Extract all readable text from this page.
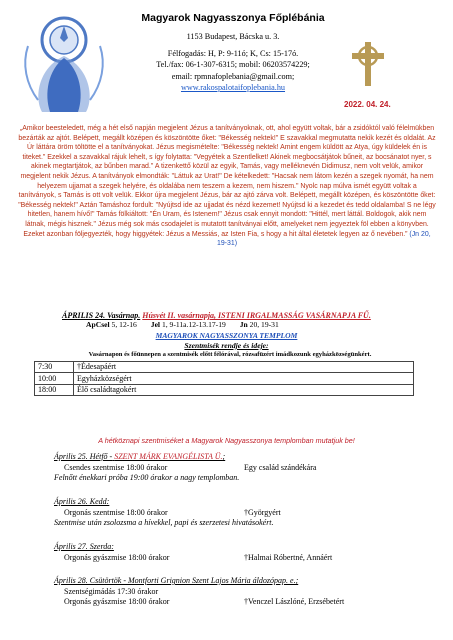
Magyarok Nagyasszonya Főplébánia
1153 Budapest, Bácska u. 3.
Félfogadás: H, P: 9-11ó; K, Cs: 15-17ó.
Tel./fax: 06-1-307-6315; mobil: 06203574229;
email: rpmnafoplebania@gmail.com;
www.rakospalotaifoplebania.hu
2022. 04. 24.
„Amikor beesteledett, még a hét első napján megjelent Jézus a tanítványoknak, ott, ahol együtt voltak, bár a zsidóktól való félelmükben bezárták az ajtót. Belépett, megállt középen és köszöntötte őket: "Békesség nektek!" E szavakkal megmutatta nekik kezét és oldalát. Az Úr láttára öröm töltötte el a tanítványokat. Jézus megismételte: "Békesség nektek! Amint engem küldött az Atya, úgy küldelek én is titeket." Ezekkel a szavakkal rájuk lehelt, s így folytatta: "Vegyétek a Szentlelket! Akinek megbocsátjátok bűneit, az bocsánatot nyer, s akinek megtartjátok, az bűnben marad." A tizenkettő közül az egyik, Tamás, vagy melléknevén Didimusz, nem volt velük, amikor megjelent nekik Jézus. A tanítványok elmondták: "Láttuk az Urat!" De kételkedett: "Hacsak nem látom kezén a szegek nyomát, ha nem helyezem ujjamat a szegek helyére, és oldalába nem teszem a kezem, nem hiszem." Nyolc nap múlva ismét együtt voltak a tanítványok, s Tamás is ott volt velük. Ekkor újra megjelent Jézus, bár az ajtó zárva volt. Belépett, megállt középen, és köszöntötte őket: "Békesség nektek!" Aztán Tamáshoz fordult: "Nyújtsd ide az ujjadat és nézd kezemet! Nyújtsd ki a kezedet és tedd oldalamba! S ne légy hitetlen, hanem hívő!" Tamás fölkiáltott: "Én Uram, és Istenem!" Jézus csak ennyit mondott: "Hittél, mert láttál. Boldogok, akik nem látnak, mégis hisznek." Jézus még sok más csodajelet is mutatott tanítványai előtt, amelyeket nem jegyeztek föl ebben a könyvben. Ezeket azonban följegyezték, hogy higgyétek: Jézus a Messiás, az Isten Fia, s hogy a hit által életetek legyen az ő nevében.” (Jn 20, 19-31)
ÁPRILIS 24. Vasárnap. Húsvét II. vasárnapja, ISTENI IRGALMASSÁG VASÁRNAPJA FŰ.
ApCsel 5, 12-16 Jel 1, 9-11a.12-13.17-19 Jn 20, 19-31
MAGYAROK NAGYASSZONYA TEMPLOM
Szentmisék rendje és ideje:
Vasárnapon és főünnepen a szentmisék előtt félórával, rózsafüzért imádkozunk egyházközségünkért.
7:30	†Édesapáért
10:00	Egyházközségért
18:00	Élő családtagokért
A hétköznapi szentmiséket a Magyarok Nagyasszonya templomban mutatjuk be!
Április 25. Hétfő - SZENT MÁRK EVANGÉLISTA Ü.;
Csendes szentmise 18:00 órakor	Egy család szándékára
Felnőtt énekkari próba 19:00 órakor a nagy templomban.
Április 26. Kedd:
Orgonás szentmise 18:00 órakor	†Györgyért
Szentmise után zsolozsma a hívekkel, papi és szerzetesi hivatásokért.
Április 27. Szerda:
Orgonás gyászmise 18:00 órakor	†Halmai Róbertné, Annáért
Április 28. Csütörtök - Montforti Grignion Szent Lajos Mária áldozópap. e.;
Szentségimádás 17:30 órakor
Orgonás gyászmise 18:00 órakor	†Venczel Lászlóné, Erzsébetért
